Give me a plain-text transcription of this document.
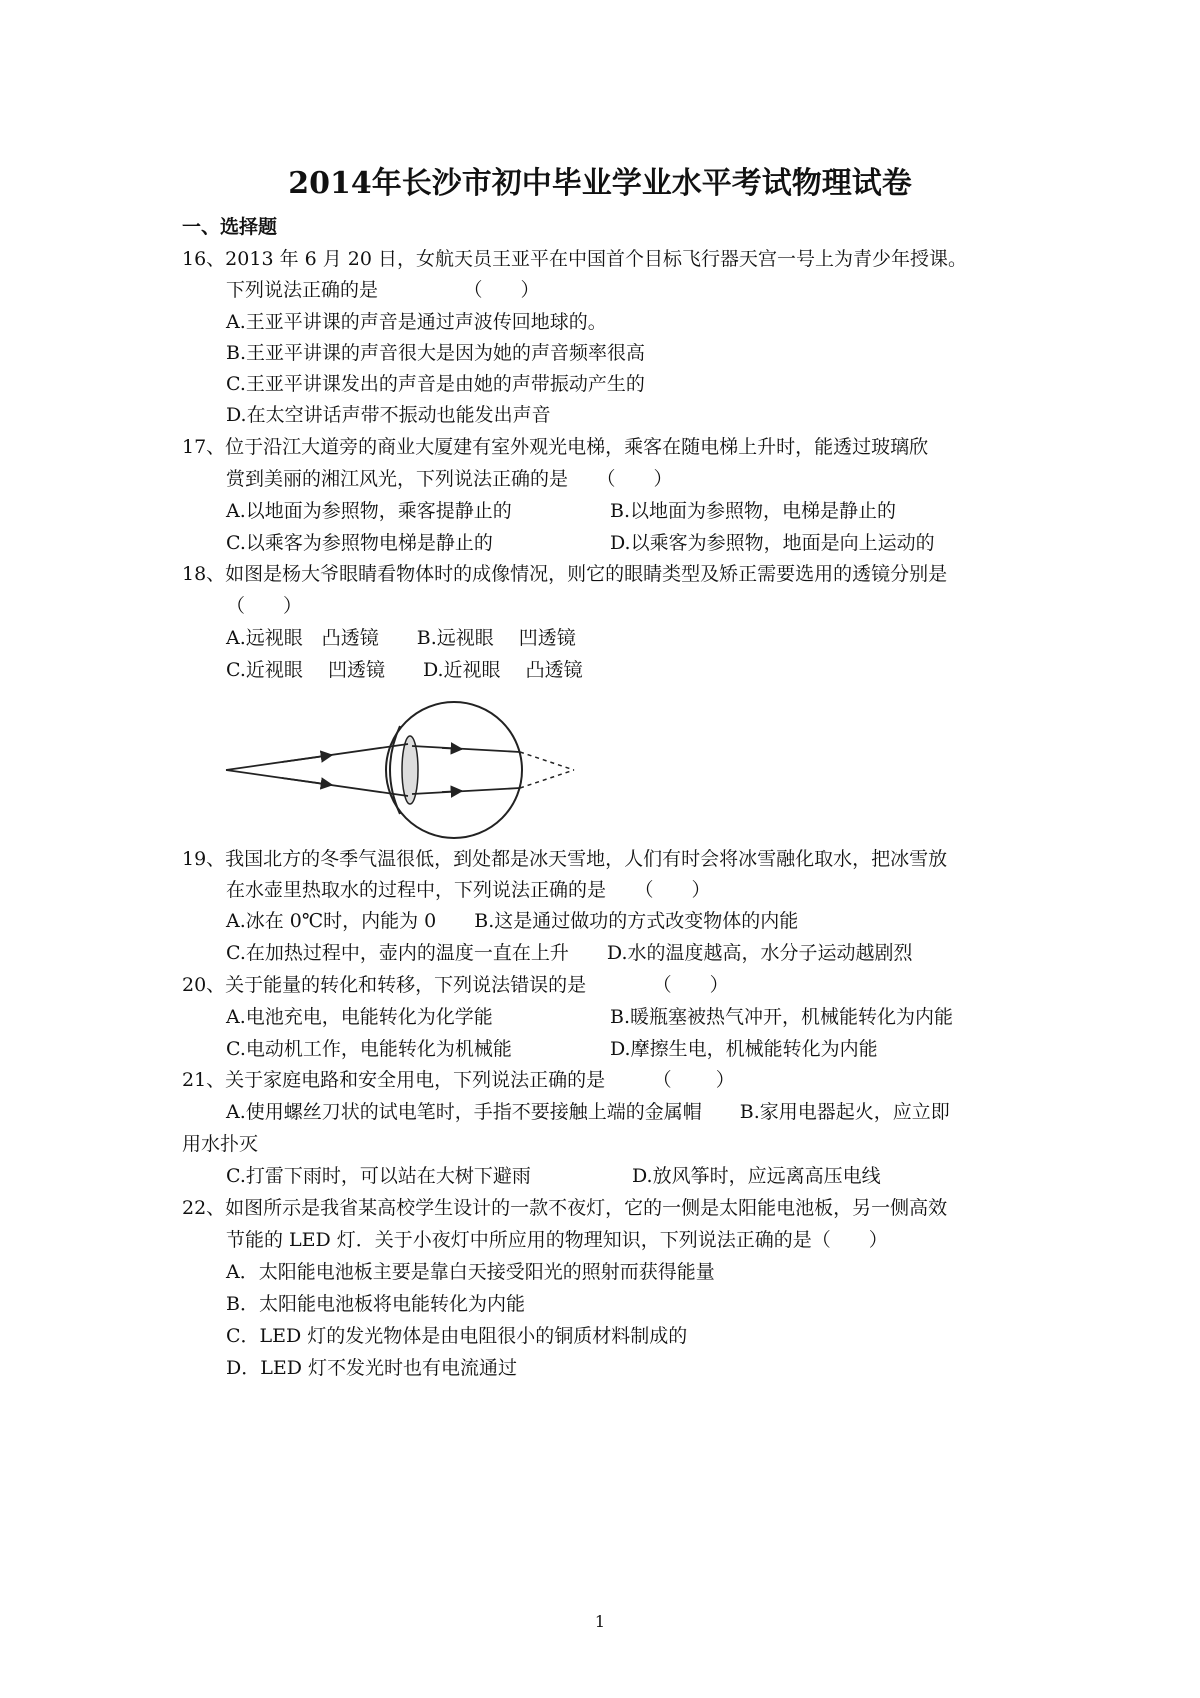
2014年长沙市初中毕业学业水平考试物理试卷
一、选择题
16、2013 年 6 月 20 日，女航天员王亚平在中国首个目标飞行器天宫一号上为青少年授课。
下列说法正确的是　　　　　（　　）
A.王亚平讲课的声音是通过声波传回地球的。
B.王亚平讲课的声音很大是因为她的声音频率很高
C.王亚平讲课发出的声音是由她的声带振动产生的
D.在太空讲话声带不振动也能发出声音
17、位于沿江大道旁的商业大厦建有室外观光电梯，乘客在随电梯上升时，能透过玻璃欣
赏到美丽的湘江风光，下列说法正确的是　　（　　）
A.以地面为参照物，乘客提静止的	B.以地面为参照物，电梯是静止的
C.以乘客为参照物电梯是静止的	D.以乘客为参照物，地面是向上运动的
18、如图是杨大爷眼睛看物体时的成像情况，则它的眼睛类型及矫正需要选用的透镜分别是
（　　）
A.远视眼　凸透镜　　B.远视眼　 凹透镜
C.近视眼　 凹透镜　　D.近视眼　 凸透镜
19、我国北方的冬季气温很低，到处都是冰天雪地，人们有时会将冰雪融化取水，把冰雪放
在水壶里热取水的过程中，下列说法正确的是　　（　　）
A.冰在 0℃时，内能为 0　　B.这是通过做功的方式改变物体的内能
C.在加热过程中，壶内的温度一直在上升　　D.水的温度越高，水分子运动越剧烈
20、关于能量的转化和转移，下列说法错误的是　　　　（　　）
A.电池充电，电能转化为化学能	B.暖瓶塞被热气冲开，机械能转化为内能
C.电动机工作，电能转化为机械能	D.摩擦生电，机械能转化为内能
21、关于家庭电路和安全用电，下列说法正确的是　　　（　　 ）
A.使用螺丝刀状的试电笔时，手指不要接触上端的金属帽　　B.家用电器起火，应立即
用水扑灭
C.打雷下雨时，可以站在大树下避雨	D.放风筝时，应远离高压电线
22、如图所示是我省某高校学生设计的一款不夜灯，它的一侧是太阳能电池板，另一侧高效
节能的 LED 灯．关于小夜灯中所应用的物理知识，下列说法正确的是（　　）
A．太阳能电池板主要是靠白天接受阳光的照射而获得能量
B．太阳能电池板将电能转化为内能
C．LED 灯的发光物体是由电阻很小的铜质材料制成的
D．LED 灯不发光时也有电流通过
1
